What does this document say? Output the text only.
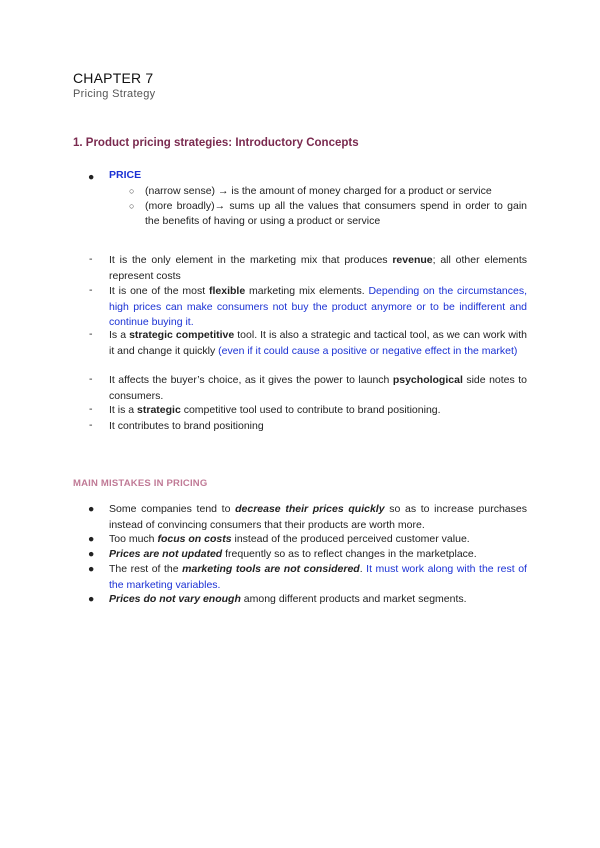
CHAPTER 7
Pricing Strategy
1. Product pricing strategies: Introductory Concepts
● PRICE
○ (narrow sense) → is the amount of money charged for a product or service
○ (more broadly)→ sums up all the values that consumers spend in order to gain the benefits of having or using a product or service
- It is the only element in the marketing mix that produces revenue; all other elements represent costs
- It is one of the most flexible marketing mix elements. Depending on the circumstances, high prices can make consumers not buy the product anymore or to be indifferent and continue buying it.
- Is a strategic competitive tool. It is also a strategic and tactical tool, as we can work with it and change it quickly (even if it could cause a positive or negative effect in the market)
- It affects the buyer’s choice, as it gives the power to launch psychological side notes to consumers.
- It is a strategic competitive tool used to contribute to brand positioning.
- It contributes to brand positioning
MAIN MISTAKES IN PRICING
● Some companies tend to decrease their prices quickly so as to increase purchases instead of convincing consumers that their products are worth more.
● Too much focus on costs instead of the produced perceived customer value.
● Prices are not updated frequently so as to reflect changes in the marketplace.
● The rest of the marketing tools are not considered. It must work along with the rest of the marketing variables.
● Prices do not vary enough among different products and market segments.
